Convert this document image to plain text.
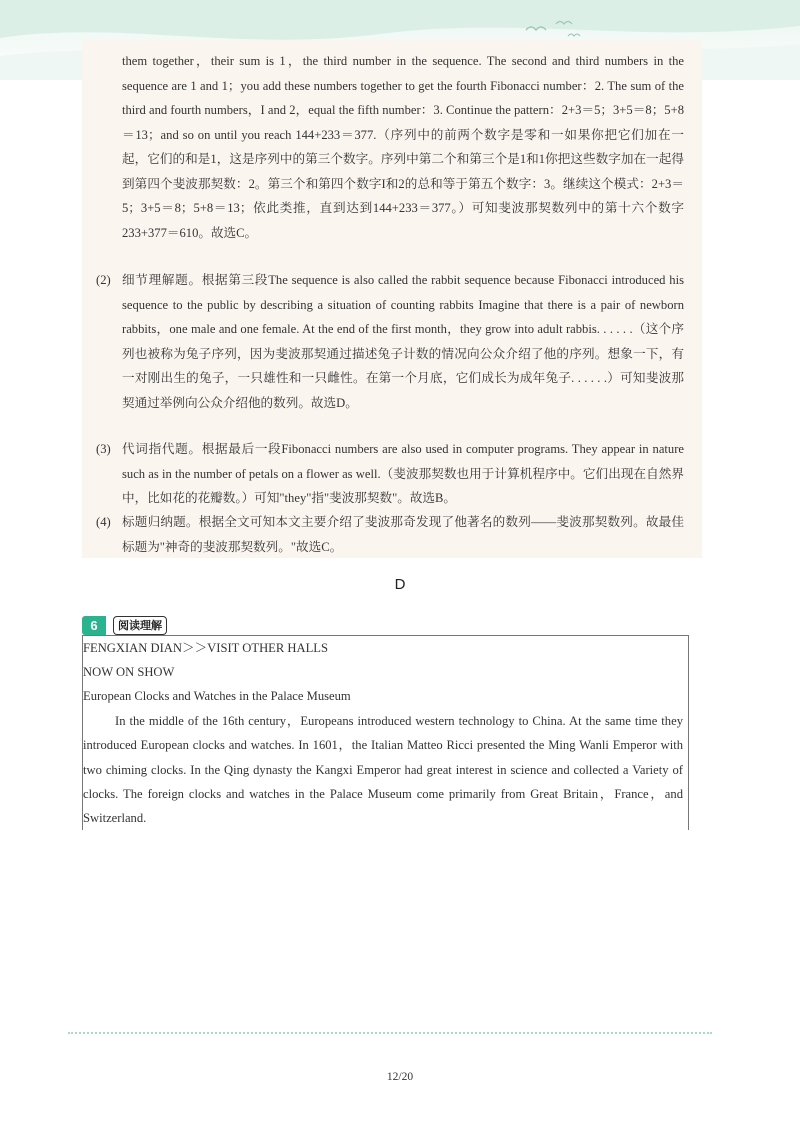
them together，their sum is 1，the third number in the sequence. The second and third numbers in the sequence are 1 and 1；you add these numbers together to get the fourth Fibonacci number：2. The sum of the third and fourth numbers，I and 2，equal the fifth number：3. Continue the pattern：2+3＝5；3+5＝8；5+8＝13；and so on until you reach 144+233＝377.（序列中的前两个数字是零和一如果你把它们加在一起，它们的和是1，这是序列中的第三个数字。序列中第二个和第三个是1和1你把这些数字加在一起得到第四个斐波那契数：2。第三个和第四个数字I和2的总和等于第五个数字：3。继续这个模式：2+3＝5；3+5＝8；5+8＝13；依此类推，直到达到144+233＝377。）可知斐波那契数列中的第十六个数字233+377＝610。故选C。

(2) 细节理解题。根据第三段The sequence is also called the rabbit sequence because Fibonacci introduced his sequence to the public by describing a situation of counting rabbits Imagine that there is a pair of newborn rabbits，one male and one female. At the end of the first month，they grow into adult rabbis. . . . . .（这个序列也被称为兔子序列，因为斐波那契通过描述兔子计数的情况向公众介绍了他的序列。想象一下，有一对刚出生的兔子，一只雄性和一只雌性。在第一个月底，它们成长为成年兔子. . . . . .）可知斐波那契通过举例向公众介绍他的数列。故选D。

(3) 代词指代题。根据最后一段Fibonacci numbers are also used in computer programs. They appear in nature such as in the number of petals on a flower as well.（斐波那契数也用于计算机程序中。它们出现在自然界中，比如花的花瓣数。）可知"they"指"斐波那契数"。故选B。

(4) 标题归纳题。根据全文可知本文主要介绍了斐波那奇发现了他著名的数列——斐波那契数列。故最佳标题为"神奇的斐波那契数列。"故选C。

D
6	阅读理解

FENGXIAN DIAN＞＞VISIT OTHER HALLS

NOW ON SHOW

European Clocks and Watches in the Palace Museum

In the middle of the 16th century，Europeans introduced western technology to China. At the same time they introduced European clocks and watches. In 1601，the Italian Matteo Ricci presented the Ming Wanli Emperor with two chiming clocks. In the Qing dynasty the Kangxi Emperor had great interest in science and collected a Variety of clocks. The foreign clocks and watches in the Palace Museum come primarily from Great Britain，France，and Switzerland.

12/20
